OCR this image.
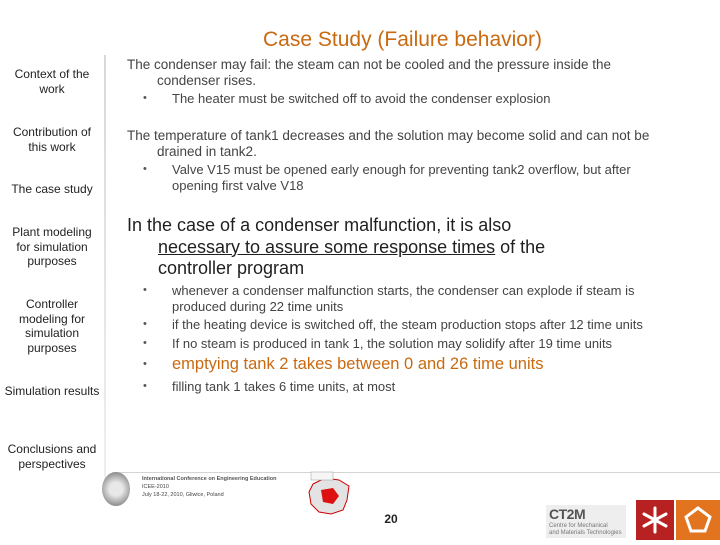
Case Study (Failure behavior)
Context of the work
Contribution of this work
The case study
Plant modeling for simulation purposes
Controller modeling for simulation purposes
Simulation results
Conclusions and perspectives
The condenser may fail: the steam can not be cooled and the pressure inside the
condenser rises.
• The heater must be switched off to avoid the condenser explosion
The temperature of tank1 decreases and the solution may become solid and can not be
drained in tank2.
• Valve V15 must be opened early enough for preventing tank2 overflow, but after
opening first valve V18
In the case of a condenser malfunction, it is also
necessary to assure some response times of the
controller program
• whenever a condenser malfunction starts, the condenser can explode if steam is
produced during 22 time units
• if the heating device is switched off, the steam production stops after 12 time units
• If no steam is produced in tank 1, the solution may solidify after 19 time units
• emptying tank 2 takes between 0 and 26 time units
• filling tank 1 takes 6 time units, at most
International Conference on Engineering Education
ICEE-2010
July 18-22, 2010, Gliwice, Poland
20	CT2M
Centre for Mechanical
and Materials Technologies
